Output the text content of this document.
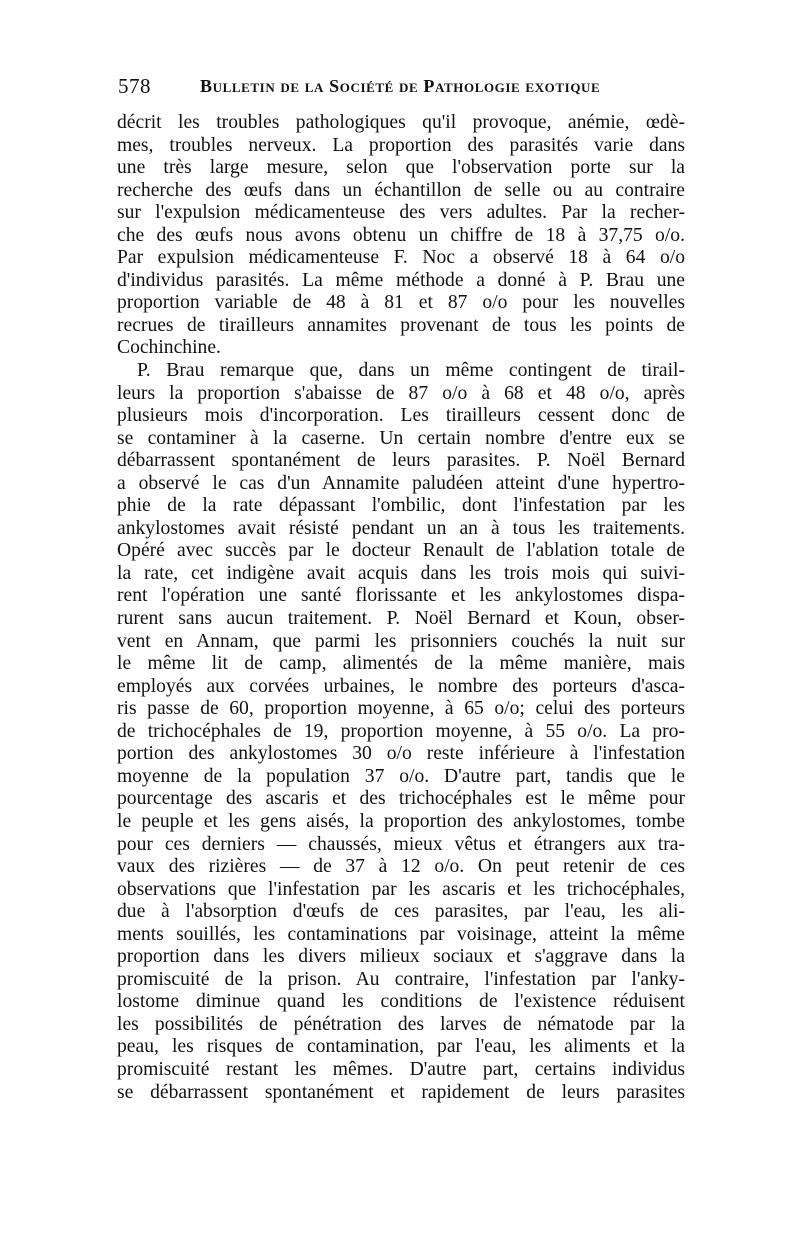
578	Bulletin de la Société de Pathologie exotique
décrit les troubles pathologiques qu'il provoque, anémie, œdè-
mes, troubles nerveux. La proportion des parasités varie dans
une très large mesure, selon que l'observation porte sur la
recherche des œufs dans un échantillon de selle ou au contraire
sur l'expulsion médicamenteuse des vers adultes. Par la recher-
che des œufs nous avons obtenu un chiffre de 18 à 37,75 o/o.
Par expulsion médicamenteuse F. Noc a observé 18 à 64 o/o
d'individus parasités. La même méthode a donné à P. Brau une
proportion variable de 48 à 81 et 87 o/o pour les nouvelles
recrues de tirailleurs annamites provenant de tous les points de
Cochinchine.
P. Brau remarque que, dans un même contingent de tirail-
leurs la proportion s'abaisse de 87 o/o à 68 et 48 o/o, après
plusieurs mois d'incorporation. Les tirailleurs cessent donc de
se contaminer à la caserne. Un certain nombre d'entre eux se
débarrassent spontanément de leurs parasites. P. Noël Bernard
a observé le cas d'un Annamite paludéen atteint d'une hypertro-
phie de la rate dépassant l'ombilic, dont l'infestation par les
ankylostomes avait résisté pendant un an à tous les traitements.
Opéré avec succès par le docteur Renault de l'ablation totale de
la rate, cet indigène avait acquis dans les trois mois qui suivi-
rent l'opération une santé florissante et les ankylostomes dispa-
rurent sans aucun traitement. P. Noël Bernard et Koun, obser-
vent en Annam, que parmi les prisonniers couchés la nuit sur
le même lit de camp, alimentés de la même manière, mais
employés aux corvées urbaines, le nombre des porteurs d'asca-
ris passe de 60, proportion moyenne, à 65 o/o; celui des porteurs
de trichocéphales de 19, proportion moyenne, à 55 o/o. La pro-
portion des ankylostomes 30 o/o reste inférieure à l'infestation
moyenne de la population 37 o/o. D'autre part, tandis que le
pourcentage des ascaris et des trichocéphales est le même pour
le peuple et les gens aisés, la proportion des ankylostomes, tombe
pour ces derniers — chaussés, mieux vêtus et étrangers aux tra-
vaux des rizières — de 37 à 12 o/o. On peut retenir de ces
observations que l'infestation par les ascaris et les trichocéphales,
due à l'absorption d'œufs de ces parasites, par l'eau, les ali-
ments souillés, les contaminations par voisinage, atteint la même
proportion dans les divers milieux sociaux et s'aggrave dans la
promiscuité de la prison. Au contraire, l'infestation par l'anky-
lostome diminue quand les conditions de l'existence réduisent
les possibilités de pénétration des larves de nématode par la
peau, les risques de contamination, par l'eau, les aliments et la
promiscuité restant les mêmes. D'autre part, certains individus
se débarrassent spontanément et rapidement de leurs parasites
